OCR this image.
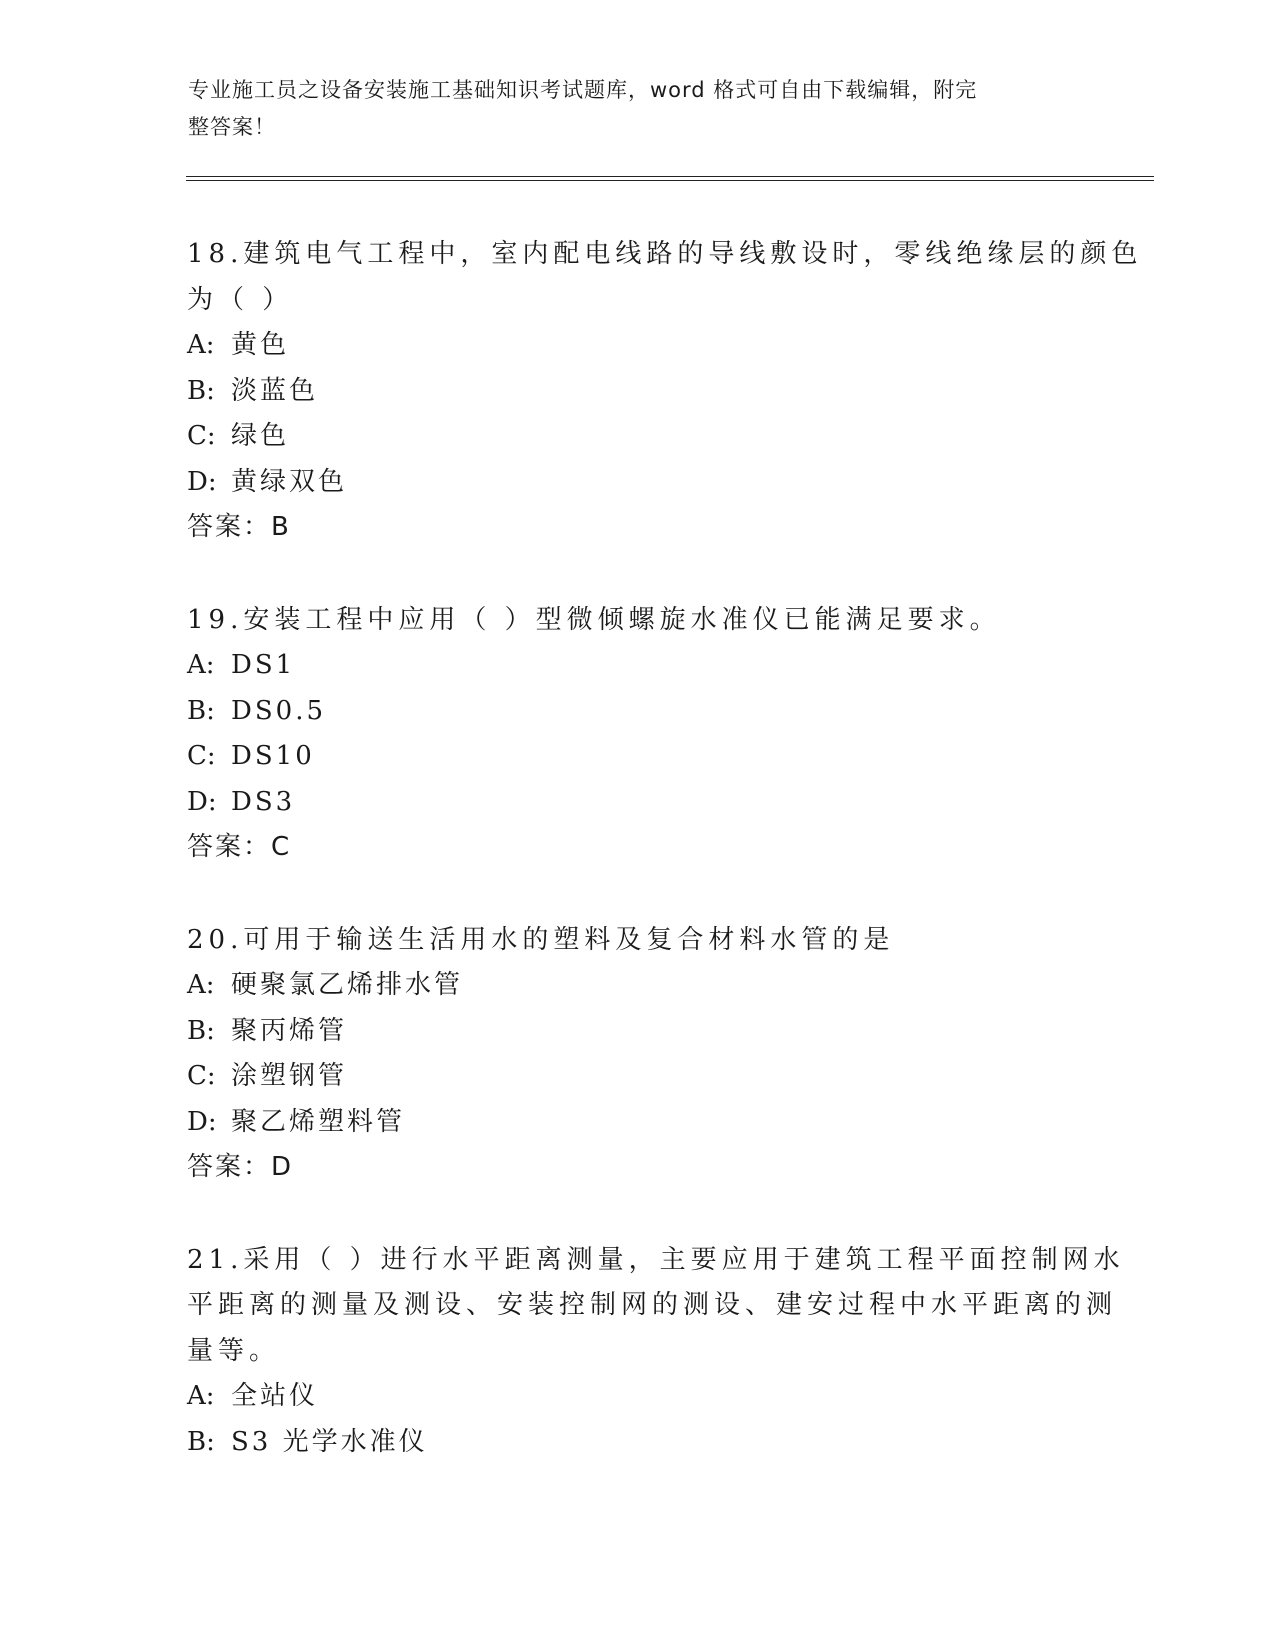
专业施工员之设备安装施工基础知识考试题库，word 格式可自由下载编辑，附完
整答案！
18.建筑电气工程中，室内配电线路的导线敷设时，零线绝缘层的颜色
为（ ）
A: 黄色
B: 淡蓝色
C: 绿色
D: 黄绿双色
答案：B
19.安装工程中应用（ ）型微倾螺旋水准仪已能满足要求。
A: DS1
B: DS0.5
C: DS10
D: DS3
答案：C
20.可用于输送生活用水的塑料及复合材料水管的是
A: 硬聚氯乙烯排水管
B: 聚丙烯管
C: 涂塑钢管
D: 聚乙烯塑料管
答案：D
21.采用（ ）进行水平距离测量，主要应用于建筑工程平面控制网水
平距离的测量及测设、安装控制网的测设、建安过程中水平距离的测
量等。
A: 全站仪
B: S3 光学水准仪
